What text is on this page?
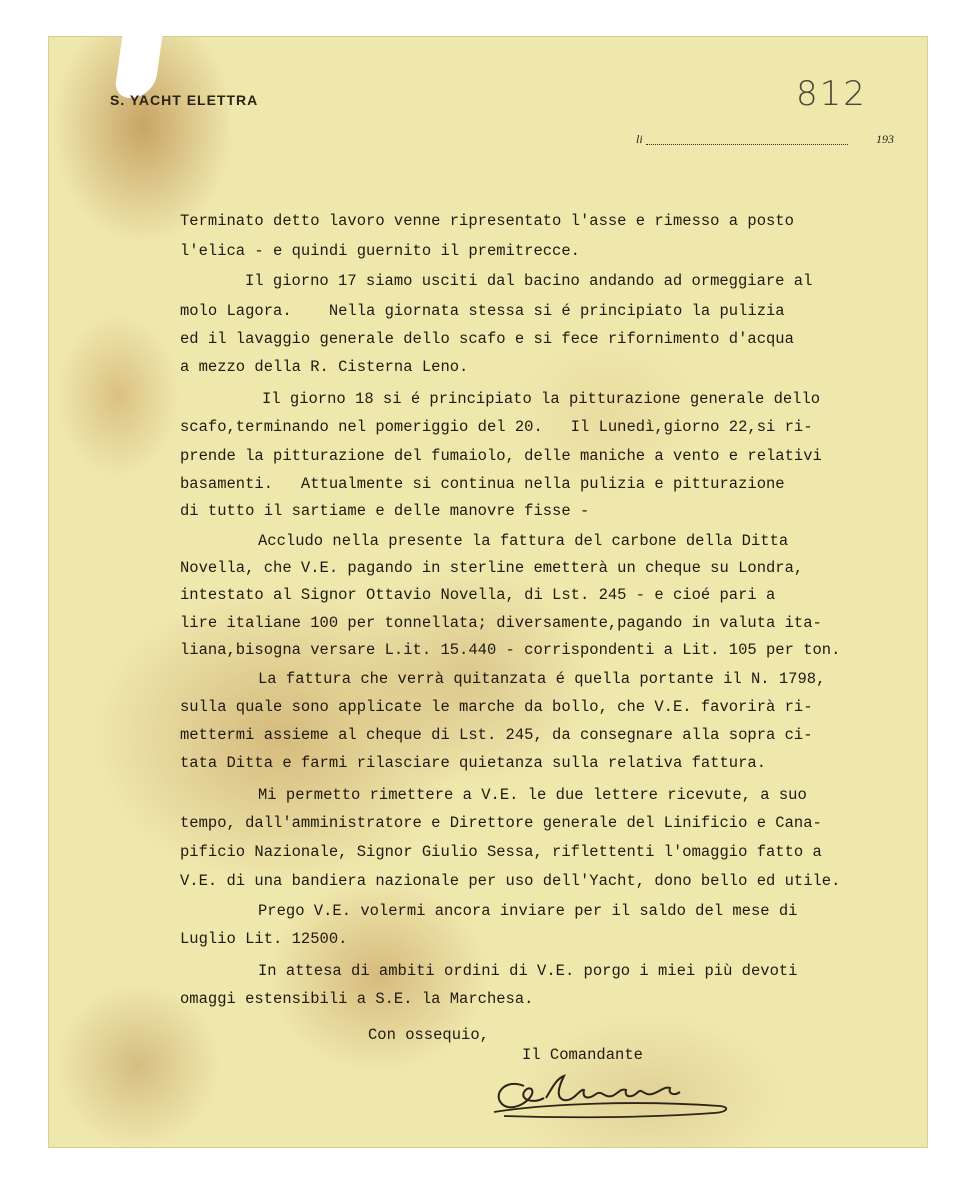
S. YACHT ELETTRA	812
li	193
Terminato detto lavoro venne ripresentato l'asse e rimesso a posto
l'elica - e quindi guernito il premitrecce.
Il giorno 17 siamo usciti dal bacino andando ad ormeggiare al
molo Lagora.    Nella giornata stessa si é principiato la pulizia
ed il lavaggio generale dello scafo e si fece rifornimento d'acqua
a mezzo della R. Cisterna Leno.
Il giorno 18 si é principiato la pitturazione generale dello
scafo,terminando nel pomeriggio del 20.   Il Lunedì,giorno 22,si ri-
prende la pitturazione del fumaiolo, delle maniche a vento e relativi
basamenti.   Attualmente si continua nella pulizia e pitturazione
di tutto il sartiame e delle manovre fisse -
Accludo nella presente la fattura del carbone della Ditta
Novella, che V.E. pagando in sterline emetterà un cheque su Londra,
intestato al Signor Ottavio Novella, di Lst. 245 - e cioé pari a
lire italiane 100 per tonnellata; diversamente,pagando in valuta ita-
liana,bisogna versare L.it. 15.440 - corrispondenti a Lit. 105 per ton.
La fattura che verrà quitanzata é quella portante il N. 1798,
sulla quale sono applicate le marche da bollo, che V.E. favorirà ri-
mettermi assieme al cheque di Lst. 245, da consegnare alla sopra ci-
tata Ditta e farmi rilasciare quietanza sulla relativa fattura.
Mi permetto rimettere a V.E. le due lettere ricevute, a suo
tempo, dall'amministratore e Direttore generale del Linificio e Cana-
pificio Nazionale, Signor Giulio Sessa, riflettenti l'omaggio fatto a
V.E. di una bandiera nazionale per uso dell'Yacht, dono bello ed utile.
Prego V.E. volermi ancora inviare per il saldo del mese di
Luglio Lit. 12500.
In attesa di ambiti ordini di V.E. porgo i miei più devoti
omaggi estensibili a S.E. la Marchesa.
Con ossequio,
Il Comandante
